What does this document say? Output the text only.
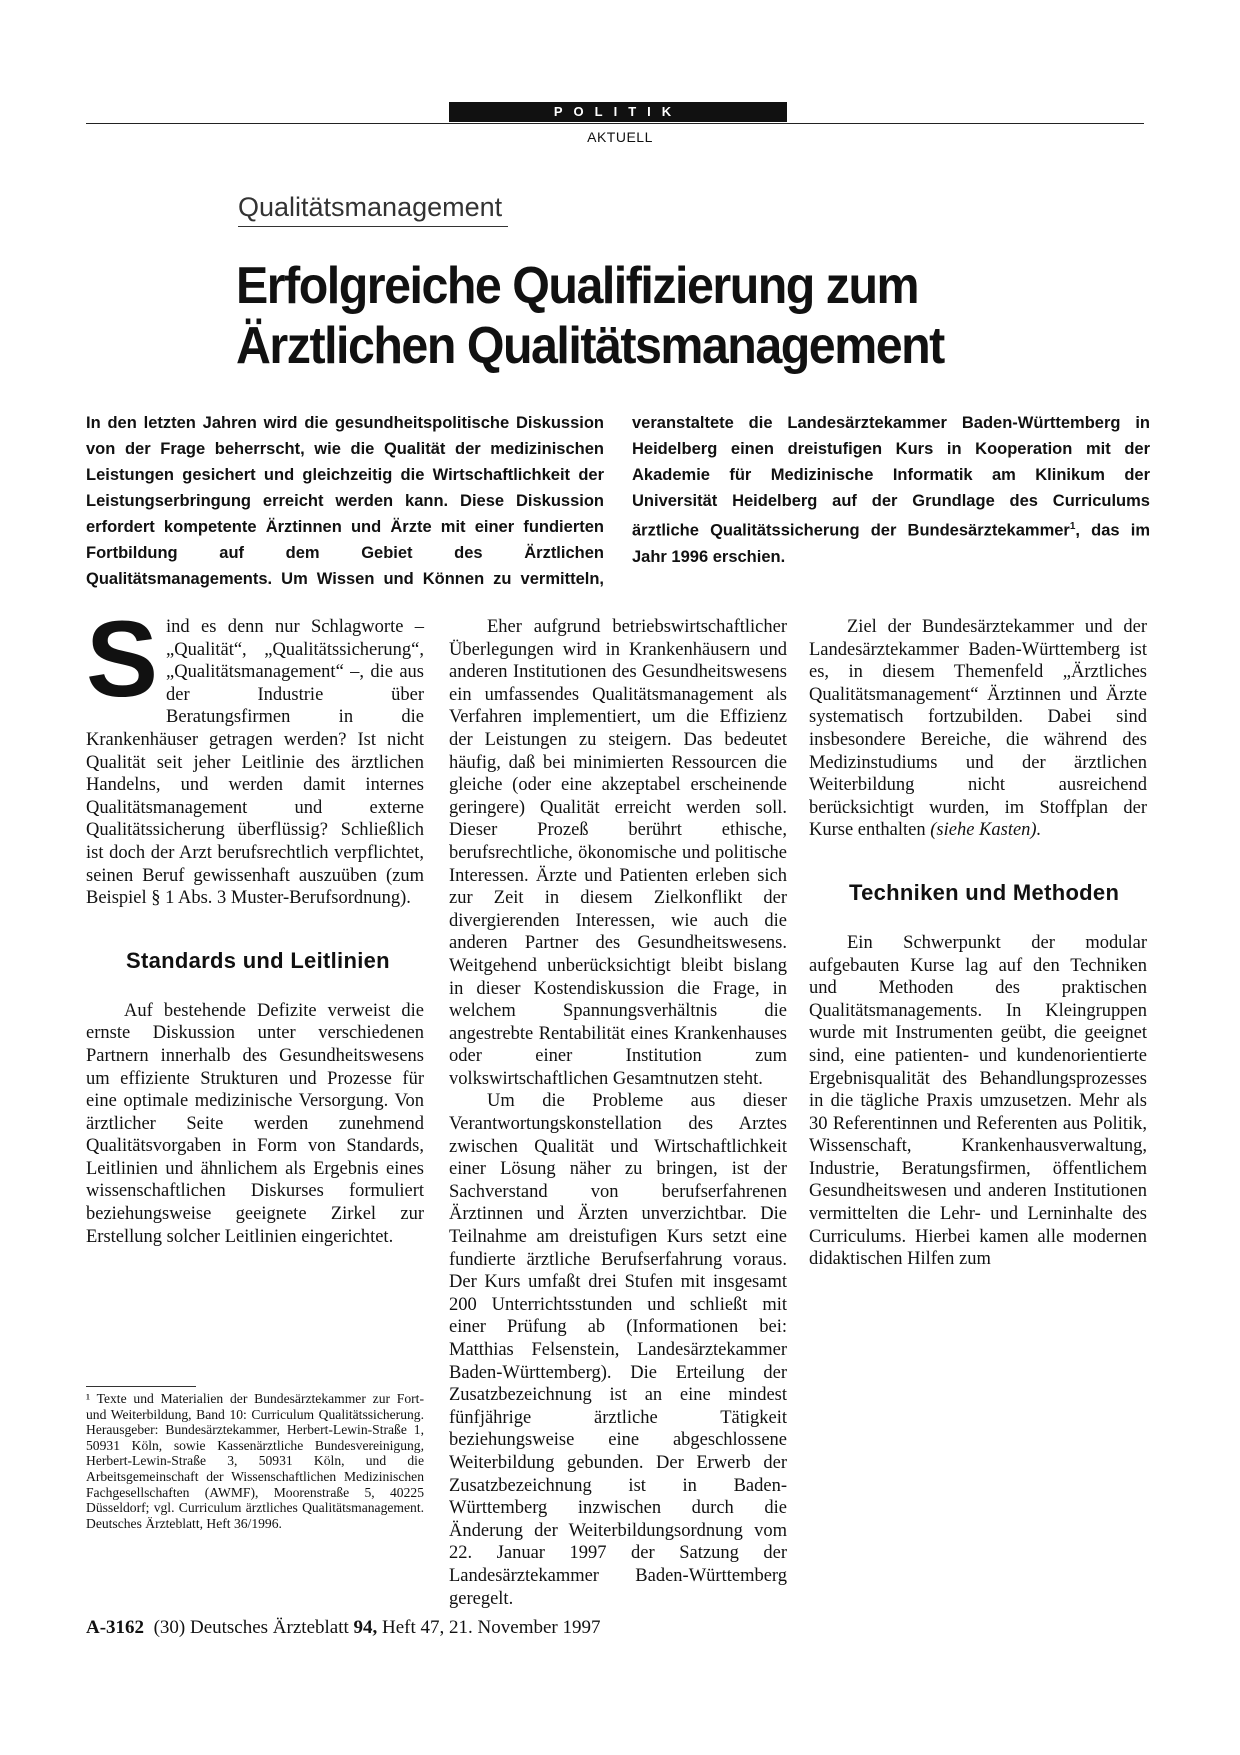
POLITIK
AKTUELL
Qualitätsmanagement
Erfolgreiche Qualifizierung zum
Ärztlichen Qualitätsmanagement
In den letzten Jahren wird die gesundheitspolitische Diskussion von der Frage beherrscht, wie die Qualität der medizinischen Leistungen gesichert und gleichzeitig die Wirtschaftlichkeit der Leistungserbringung erreicht werden kann. Diese Diskussion erfordert kompetente Ärztinnen und Ärzte mit einer fundierten Fortbildung auf dem Gebiet des Ärztlichen Qualitätsmanagements. Um Wissen und Können zu vermitteln, veranstaltete die Landesärztekammer Baden-Württemberg in Heidelberg einen dreistufigen Kurs in Kooperation mit der Akademie für Medizinische Informatik am Klinikum der Universität Heidelberg auf der Grundlage des Curriculums ärztliche Qualitätssicherung der Bundesärztekammer$^1$, das im Jahr 1996 erschien.

Sind es denn nur Schlagworte – „Qualität“, „Qualitätssicherung“, „Qualitätsmanagement“ –, die aus der Industrie über Beratungsfirmen in die Krankenhäuser getragen werden? Ist nicht Qualität seit jeher Leitlinie des ärztlichen Handelns, und werden damit internes Qualitätsmanagement und externe Qualitätssicherung überflüssig? Schließlich ist doch der Arzt berufsrechtlich verpflichtet, seinen Beruf gewissenhaft auszuüben (zum Beispiel § 1 Abs. 3 Muster-Berufsordnung).

Standards und Leitlinien

Auf bestehende Defizite verweist die ernste Diskussion unter verschiedenen Partnern innerhalb des Gesundheitswesens um effiziente Strukturen und Prozesse für eine optimale medizinische Versorgung. Von ärztlicher Seite werden zunehmend Qualitätsvorgaben in Form von Standards, Leitlinien und ähnlichem als Ergebnis eines wissenschaftlichen Diskurses formuliert beziehungsweise geeignete Zirkel zur Erstellung solcher Leitlinien eingerichtet.

¹ Texte und Materialien der Bundesärztekammer zur Fort- und Weiterbildung, Band 10: Curriculum Qualitätssicherung. Herausgeber: Bundesärztekammer, Herbert-Lewin-Straße 1, 50931 Köln, sowie Kassenärztliche Bundesvereinigung, Herbert-Lewin-Straße 3, 50931 Köln, und die Arbeitsgemeinschaft der Wissenschaftlichen Medizinischen Fachgesellschaften (AWMF), Moorenstraße 5, 40225 Düsseldorf; vgl. Curriculum ärztliches Qualitätsmanagement. Deutsches Ärzteblatt, Heft 36/1996.

Eher aufgrund betriebswirtschaftlicher Überlegungen wird in Krankenhäusern und anderen Institutionen des Gesundheitswesens ein umfassendes Qualitätsmanagement als Verfahren implementiert, um die Effizienz der Leistungen zu steigern. Das bedeutet häufig, daß bei minimierten Ressourcen die gleiche (oder eine akzeptabel erscheinende geringere) Qualität erreicht werden soll. Dieser Prozeß berührt ethische, berufsrechtliche, ökonomische und politische Interessen. Ärzte und Patienten erleben sich zur Zeit in diesem Zielkonflikt der divergierenden Interessen, wie auch die anderen Partner des Gesundheitswesens. Weitgehend unberücksichtigt bleibt bislang in dieser Kostendiskussion die Frage, in welchem Spannungsverhältnis die angestrebte Rentabilität eines Krankenhauses oder einer Institution zum volkswirtschaftlichen Gesamtnutzen steht.

Um die Probleme aus dieser Verantwortungskonstellation des Arztes zwischen Qualität und Wirtschaftlichkeit einer Lösung näher zu bringen, ist der Sachverstand von berufserfahrenen Ärztinnen und Ärzten unverzichtbar. Die Teilnahme am dreistufigen Kurs setzt eine fundierte ärztliche Berufserfahrung voraus. Der Kurs umfaßt drei Stufen mit insgesamt 200 Unterrichtsstunden und schließt mit einer Prüfung ab (Informationen bei: Matthias Felsenstein, Landesärztekammer Baden-Württemberg). Die Erteilung der Zusatzbezeichnung ist an eine mindest fünfjährige ärztliche Tätigkeit beziehungsweise eine abgeschlossene Weiterbildung gebunden. Der Erwerb der Zusatzbezeichnung ist in Baden-Württemberg inzwischen durch die Änderung der Weiterbildungsordnung vom 22. Januar 1997 der Satzung der Landesärztekammer Baden-Württemberg geregelt.

Ziel der Bundesärztekammer und der Landesärztekammer Baden-Württemberg ist es, in diesem Themenfeld „Ärztliches Qualitätsmanagement“ Ärztinnen und Ärzte systematisch fortzubilden. Dabei sind insbesondere Bereiche, die während des Medizinstudiums und der ärztlichen Weiterbildung nicht ausreichend berücksichtigt wurden, im Stoffplan der Kurse enthalten (siehe Kasten).

Techniken und Methoden

Ein Schwerpunkt der modular aufgebauten Kurse lag auf den Techniken und Methoden des praktischen Qualitätsmanagements. In Kleingruppen wurde mit Instrumenten geübt, die geeignet sind, eine patienten- und kundenorientierte Ergebnisqualität des Behandlungsprozesses in die tägliche Praxis umzusetzen. Mehr als 30 Referentinnen und Referenten aus Politik, Wissenschaft, Krankenhausverwaltung, Industrie, Beratungsfirmen, öffentlichem Gesundheitswesen und anderen Institutionen vermittelten die Lehr- und Lerninhalte des Curriculums. Hierbei kamen alle modernen didaktischen Hilfen zum

A-3162 (30) Deutsches Ärzteblatt 94, Heft 47, 21. November 1997
